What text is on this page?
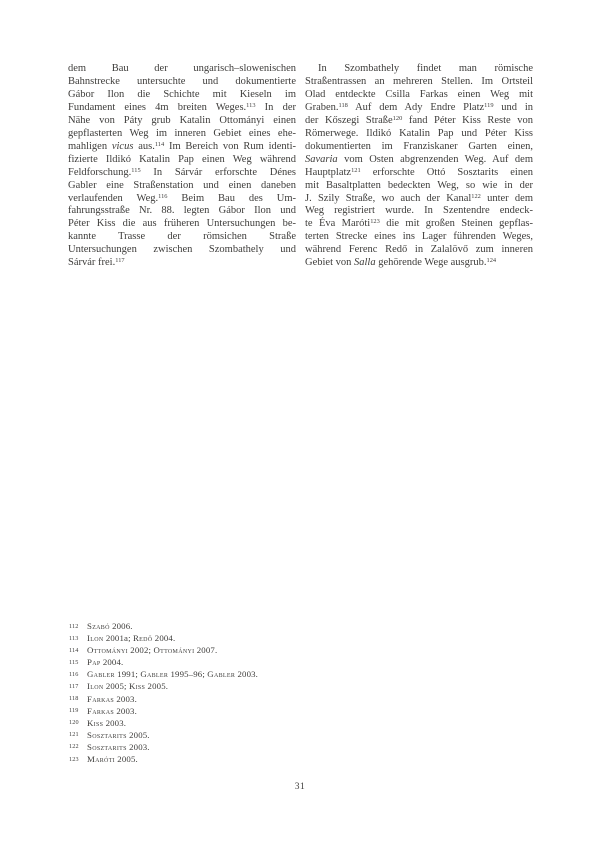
dem Bau der ungarisch–slowenischen
Bahnstrecke untersuchte und dokumentierte
Gábor Ilon die Schichte mit Kieseln im
Fundament eines 4m breiten Weges.$^{113}$ In der
Nähe von Páty grub Katalin Ottományi einen
gepflasterten Weg im inneren Gebiet eines ehe-
mahligen vicus aus.$^{114}$ Im Bereich von Rum identi-
fizierte Ildikó Katalin Pap einen Weg während
Feldforschung.$^{115}$ In Sárvár erforschte Dénes
Gabler eine Straßenstation und einen daneben
verlaufenden Weg.$^{116}$ Beim Bau des Um-
fahrungsstraße Nr. 88. legten Gábor Ilon und
Péter Kiss die aus früheren Untersuchungen be-
kannte Trasse der römsichen Straße
Untersuchungen zwischen Szombathely und
Sárvár frei.$^{117}$
In Szombathely findet man römische
Straßentrassen an mehreren Stellen. Im Ortsteil
Olad entdeckte Csilla Farkas einen Weg mit
Graben.$^{118}$ Auf dem Ady Endre Platz$^{119}$ und in
der Kőszegi Straße$^{120}$ fand Péter Kiss Reste von
Römerwege. Ildikó Katalin Pap und Péter Kiss
dokumentierten im Franziskaner Garten einen,
Savaria vom Osten abgrenzenden Weg. Auf dem
Hauptplatz$^{121}$ erforschte Ottó Sosztarits einen
mit Basaltplatten bedeckten Weg, so wie in der
J. Szily Straße, wo auch der Kanal$^{122}$ unter dem
Weg registriert wurde. In Szentendre endeck-
te Éva Maróti$^{123}$ die mit großen Steinen gepflas-
terten Strecke eines ins Lager führenden Weges,
während Ferenc Redő in Zalalövő zum inneren
Gebiet von Salla gehörende Wege ausgrub.$^{124}$
112 Szabó 2006.
113 Ilon 2001a; Redő 2004.
114 Ottományi 2002; Ottományi 2007.
115 Pap 2004.
116 Gabler 1991; Gabler 1995–96; Gabler 2003.
117 Ilon 2005; Kiss 2005.
118 Farkas 2003.
119 Farkas 2003.
120 Kiss 2003.
121 Sosztarits 2005.
122 Sosztarits 2003.
123 Maróti 2005.
31
